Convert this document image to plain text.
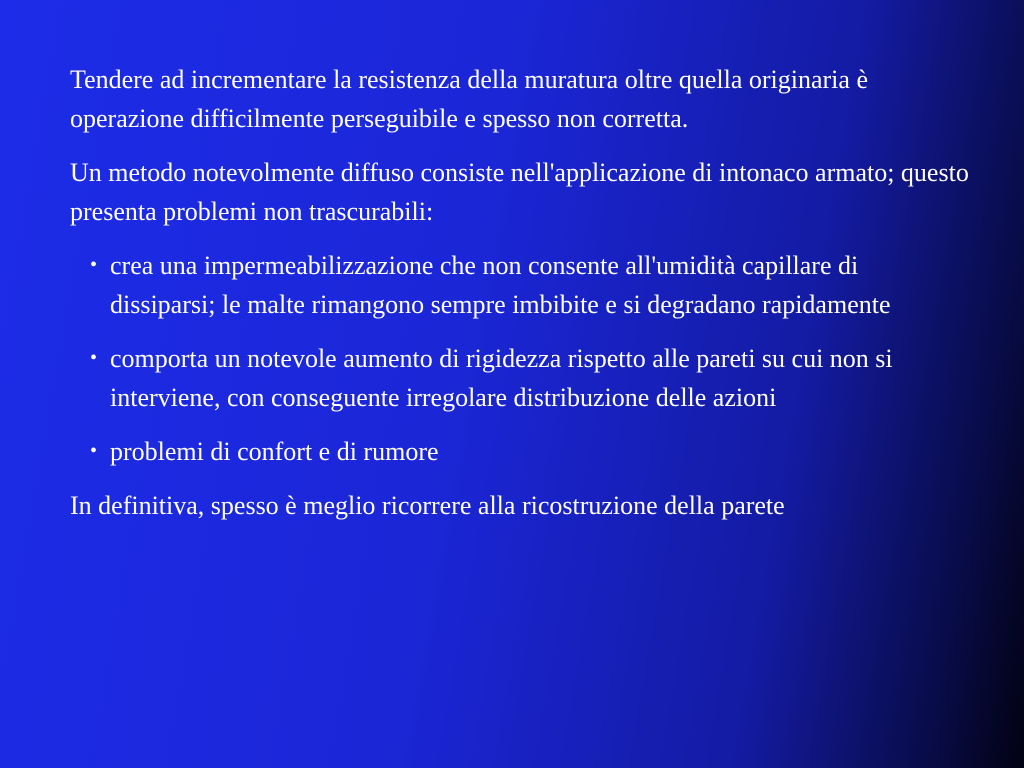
Tendere ad incrementare la resistenza della muratura oltre quella originaria è operazione difficilmente perseguibile e spesso non corretta.

Un metodo notevolmente diffuso consiste nell'applicazione di intonaco armato; questo presenta problemi non trascurabili:

• crea una impermeabilizzazione che non consente all'umidità capillare di dissiparsi; le malte rimangono sempre imbibite e si degradano rapidamente
• comporta un notevole aumento di rigidezza rispetto alle pareti su cui non si interviene, con conseguente irregolare distribuzione delle azioni
• problemi di confort e di rumore

In definitiva, spesso è meglio ricorrere alla ricostruzione della parete
